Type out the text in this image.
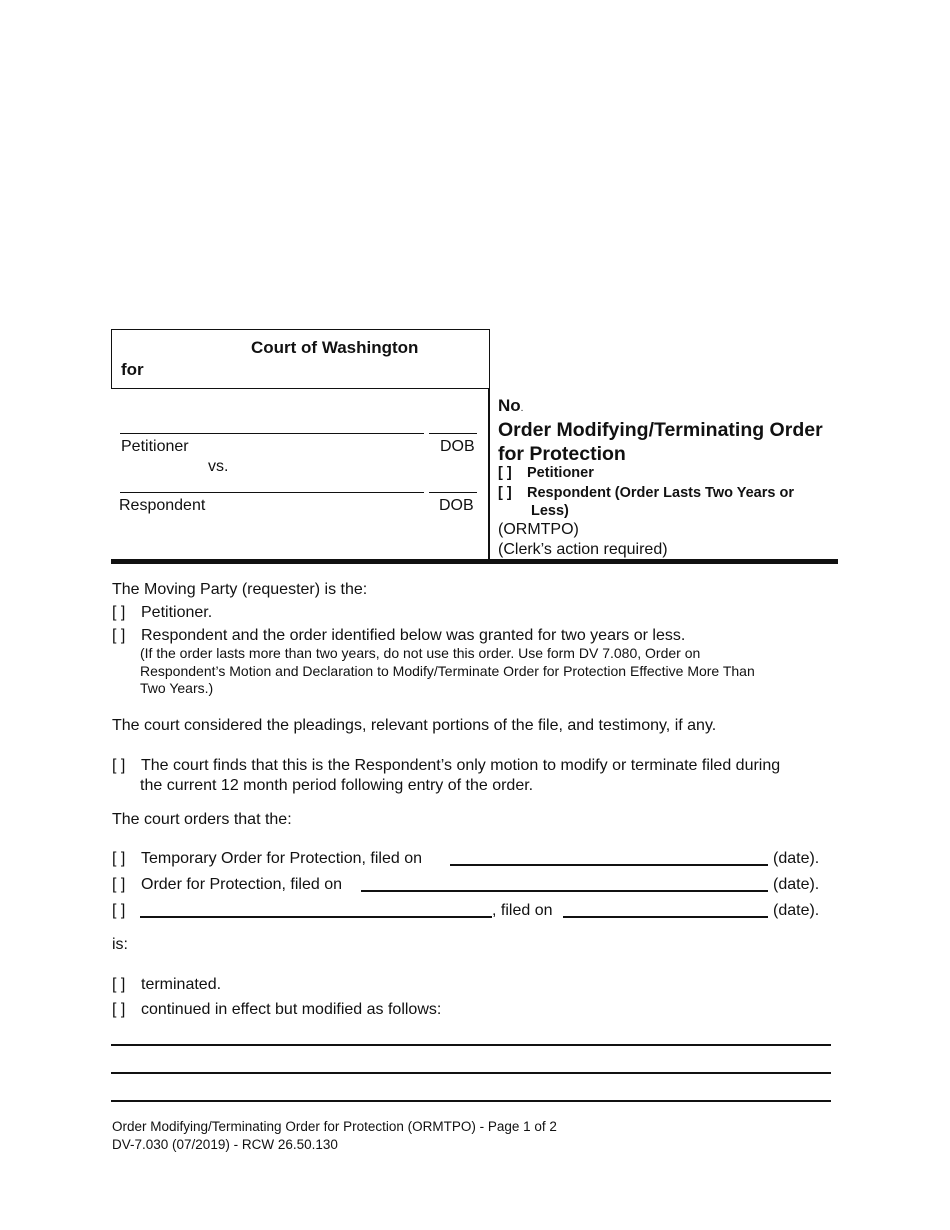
Court of Washington
for
Petitioner	DOB
vs.
Respondent	DOB
No.
Order Modifying/Terminating Order
for Protection
[ ] Petitioner
[ ] Respondent (Order Lasts Two Years or
Less)
(ORMTPO)
(Clerk’s action required)
The Moving Party (requester) is the:
[ ] Petitioner.
[ ] Respondent and the order identified below was granted for two years or less.
(If the order lasts more than two years, do not use this order. Use form DV 7.080, Order on
Respondent’s Motion and Declaration to Modify/Terminate Order for Protection Effective More Than
Two Years.)
The court considered the pleadings, relevant portions of the file, and testimony, if any.
[ ] The court finds that this is the Respondent’s only motion to modify or terminate filed during
the current 12 month period following entry of the order.
The court orders that the:
[ ] Temporary Order for Protection, filed on	(date).
[ ] Order for Protection, filed on	(date).
[ ]	, filed on	(date).
is:
[ ] terminated.
[ ] continued in effect but modified as follows:
Order Modifying/Terminating Order for Protection (ORMTPO) - Page 1 of 2
DV-7.030 (07/2019) - RCW 26.50.130
